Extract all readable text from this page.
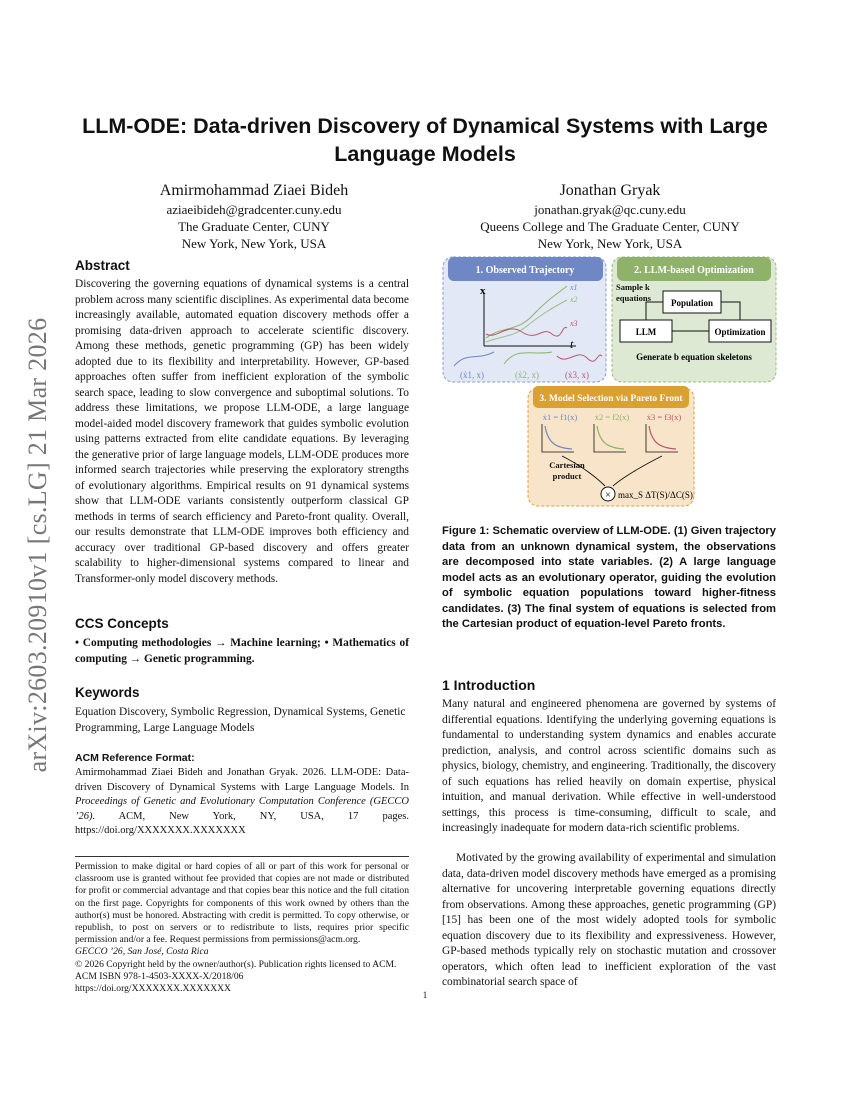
arXiv:2603.20910v1 [cs.LG] 21 Mar 2026
LLM-ODE: Data-driven Discovery of Dynamical Systems with Large Language Models
Amirmohammad Ziaei Bideh
aziaeibideh@gradcenter.cuny.edu
The Graduate Center, CUNY
New York, New York, USA
Jonathan Gryak
jonathan.gryak@qc.cuny.edu
Queens College and The Graduate Center, CUNY
New York, New York, USA
Abstract

Discovering the governing equations of dynamical systems is a central problem across many scientific disciplines. As experimental data become increasingly available, automated equation discovery methods offer a promising data-driven approach to accelerate scientific discovery. Among these methods, genetic programming (GP) has been widely adopted due to its flexibility and interpretability. However, GP-based approaches often suffer from inefficient exploration of the symbolic search space, leading to slow convergence and suboptimal solutions. To address these limitations, we propose LLM-ODE, a large language model-aided model discovery framework that guides symbolic evolution using patterns extracted from elite candidate equations. By leveraging the generative prior of large language models, LLM-ODE produces more informed search trajectories while preserving the exploratory strengths of evolutionary algorithms. Empirical results on 91 dynamical systems show that LLM-ODE variants consistently outperform classical GP methods in terms of search efficiency and Pareto-front quality. Overall, our results demonstrate that LLM-ODE improves both efficiency and accuracy over traditional GP-based discovery and offers greater scalability to higher-dimensional systems compared to linear and Transformer-only model discovery methods.

CCS Concepts

• Computing methodologies → Machine learning; • Mathematics of computing → Genetic programming.

Keywords

Equation Discovery, Symbolic Regression, Dynamical Systems, Genetic Programming, Large Language Models

ACM Reference Format:

Amirmohammad Ziaei Bideh and Jonathan Gryak. 2026. LLM-ODE: Data-driven Discovery of Dynamical Systems with Large Language Models. In Proceedings of Genetic and Evolutionary Computation Conference (GECCO ’26). ACM, New York, NY, USA, 17 pages. https://doi.org/XXXXXXX.XXXXXXX

Permission to make digital or hard copies of all or part of this work for personal or classroom use is granted without fee provided that copies are not made or distributed for profit or commercial advantage and that copies bear this notice and the full citation on the first page. Copyrights for components of this work owned by others than the author(s) must be honored. Abstracting with credit is permitted. To copy otherwise, or republish, to post on servers or to redistribute to lists, requires prior specific permission and/or a fee. Request permissions from permissions@acm.org.

GECCO ’26, San José, Costa Rica

© 2026 Copyright held by the owner/author(s). Publication rights licensed to ACM.

ACM ISBN 978-1-4503-XXXX-X/2018/06

https://doi.org/XXXXXXX.XXXXXXX

1. Observed Trajectory
x
t
x1
x2
x3
(ẋ1, x)	(ẋ2, x)	(ẋ3, x)
2. LLM-based Optimization
Sample k equations	Population
LLM	Optimization
Generate b equation skeletons
3. Model Selection via Pareto Front
ẋ1 = f1(x) ẋ2 = f2(x) ẋ3 = f3(x)
Cartesian product
× max_S ΔT(S)/ΔC(S)

Figure 1: Schematic overview of LLM-ODE. (1) Given trajectory data from an unknown dynamical system, the observations are decomposed into state variables. (2) A large language model acts as an evolutionary operator, guiding the evolution of symbolic equation populations toward higher-fitness candidates. (3) The final system of equations is selected from the Cartesian product of equation-level Pareto fronts.

1 Introduction

Many natural and engineered phenomena are governed by systems of differential equations. Identifying the underlying governing equations is fundamental to understanding system dynamics and enables accurate prediction, analysis, and control across scientific domains such as physics, biology, chemistry, and engineering. Traditionally, the discovery of such equations has relied heavily on domain expertise, physical intuition, and manual derivation. While effective in well-understood settings, this process is time-consuming, difficult to scale, and increasingly inadequate for modern data-rich scientific problems.

Motivated by the growing availability of experimental and simulation data, data-driven model discovery methods have emerged as a promising alternative for uncovering interpretable governing equations directly from observations. Among these approaches, genetic programming (GP) [15] has been one of the most widely adopted tools for symbolic equation discovery due to its flexibility and expressiveness. However, GP-based methods typically rely on stochastic mutation and crossover operators, which often lead to inefficient exploration of the vast combinatorial search space of

1
